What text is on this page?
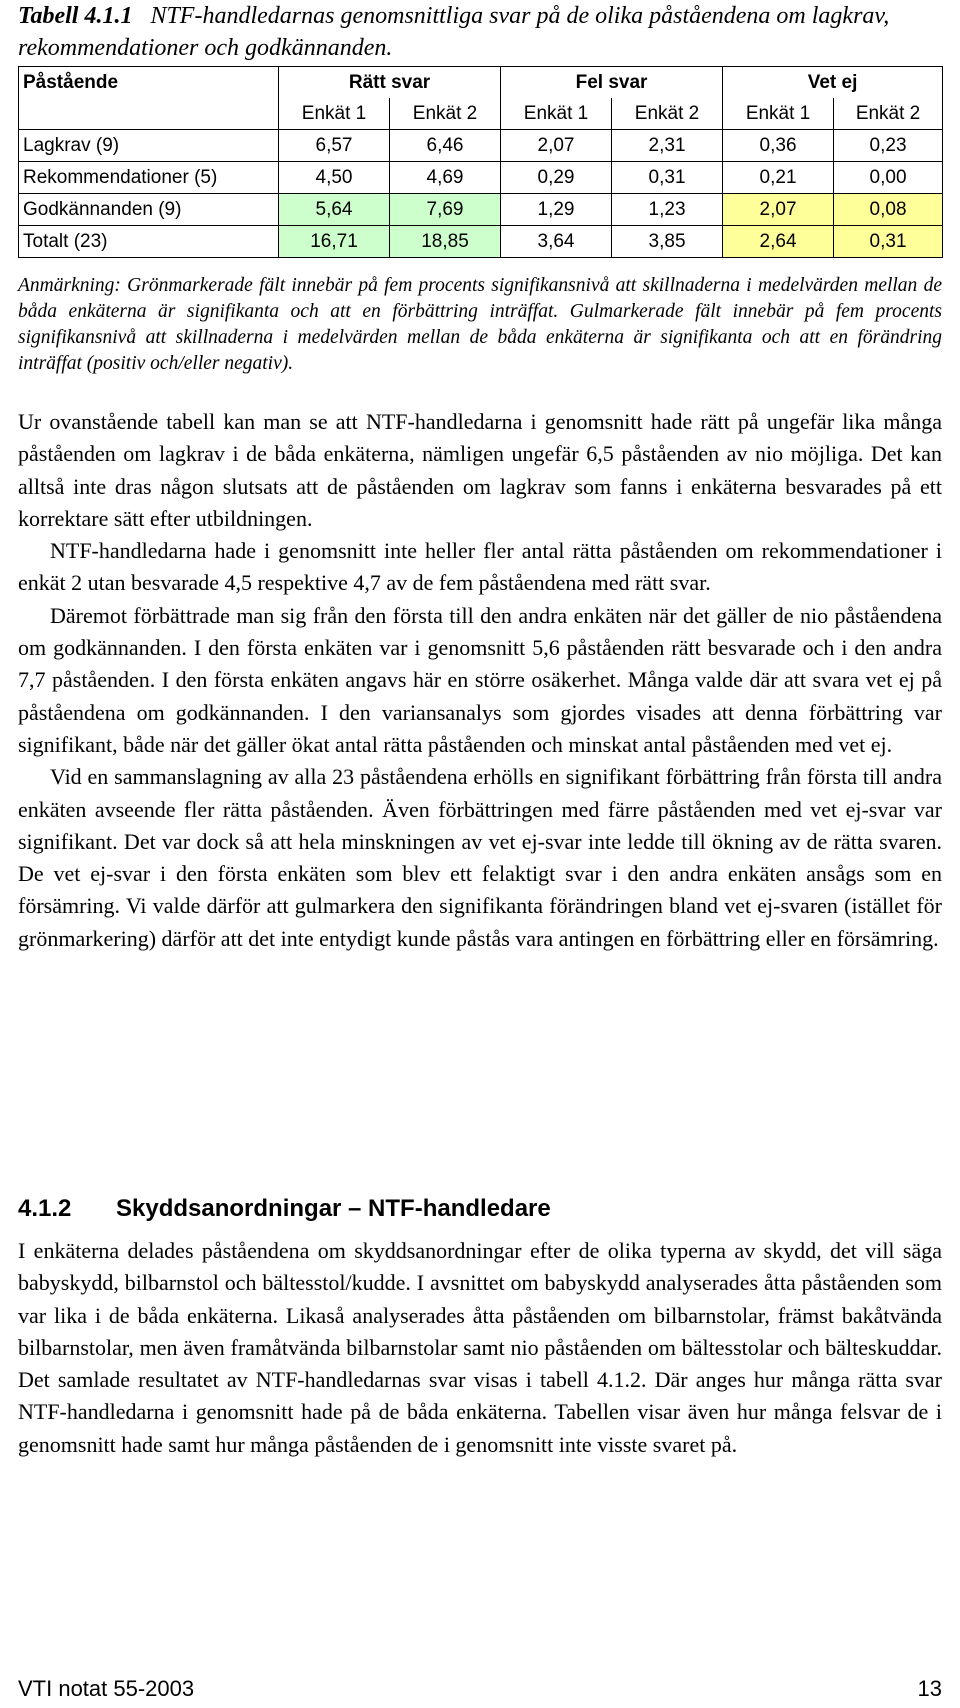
Tabell 4.1.1 NTF-handledarnas genomsnittliga svar på de olika påståendena om lagkrav, rekommendationer och godkännanden.
Påstående	Rätt svar		Fel svar		Vet ej	
	Enkät 1	Enkät 2	Enkät 1	Enkät 2	Enkät 1	Enkät 2
Lagkrav (9)	6,57	6,46	2,07	2,31	0,36	0,23
Rekommendationer (5)	4,50	4,69	0,29	0,31	0,21	0,00
Godkännanden (9)	5,64	7,69	1,29	1,23	2,07	0,08
Totalt (23)	16,71	18,85	3,64	3,85	2,64	0,31
Anmärkning: Grönmarkerade fält innebär på fem procents signifikansnivå att skillnaderna i medelvärden mellan de båda enkäterna är signifikanta och att en förbättring inträffat. Gulmarkerade fält innebär på fem procents signifikansnivå att skillnaderna i medelvärden mellan de båda enkäterna är signifikanta och att en förändring inträffat (positiv och/eller negativ).

Ur ovanstående tabell kan man se att NTF-handledarna i genomsnitt hade rätt på ungefär lika många påståenden om lagkrav i de båda enkäterna, nämligen ungefär 6,5 påståenden av nio möjliga. Det kan alltså inte dras någon slutsats att de påståenden om lagkrav som fanns i enkäterna besvarades på ett korrektare sätt efter utbildningen.

NTF-handledarna hade i genomsnitt inte heller fler antal rätta påståenden om rekommendationer i enkät 2 utan besvarade 4,5 respektive 4,7 av de fem påståendena med rätt svar.

Däremot förbättrade man sig från den första till den andra enkäten när det gäller de nio påståendena om godkännanden. I den första enkäten var i genomsnitt 5,6 påståenden rätt besvarade och i den andra 7,7 påståenden. I den första enkäten angavs här en större osäkerhet. Många valde där att svara vet ej på påståendena om godkännanden. I den variansanalys som gjordes visades att denna förbättring var signifikant, både när det gäller ökat antal rätta påståenden och minskat antal påståenden med vet ej.

Vid en sammanslagning av alla 23 påståendena erhölls en signifikant förbättring från första till andra enkäten avseende fler rätta påståenden. Även förbättringen med färre påståenden med vet ej-svar var signifikant. Det var dock så att hela minskningen av vet ej-svar inte ledde till ökning av de rätta svaren. De vet ej-svar i den första enkäten som blev ett felaktigt svar i den andra enkäten ansågs som en försämring. Vi valde därför att gulmarkera den signifikanta förändringen bland vet ej-svaren (istället för grönmarkering) därför att det inte entydigt kunde påstås vara antingen en förbättring eller en försämring.

4.1.2 Skyddsanordningar – NTF-handledare

I enkäterna delades påståendena om skyddsanordningar efter de olika typerna av skydd, det vill säga babyskydd, bilbarnstol och bältesstol/kudde. I avsnittet om babyskydd analyserades åtta påståenden som var lika i de båda enkäterna. Likaså analyserades åtta påståenden om bilbarnstolar, främst bakåtvända bilbarnstolar, men även framåtvända bilbarnstolar samt nio påståenden om bältesstolar och bälteskuddar. Det samlade resultatet av NTF-handledarnas svar visas i tabell 4.1.2. Där anges hur många rätta svar NTF-handledarna i genomsnitt hade på de båda enkäterna. Tabellen visar även hur många felsvar de i genomsnitt hade samt hur många påståenden de i genomsnitt inte visste svaret på.

VTI notat 55-2003	13
